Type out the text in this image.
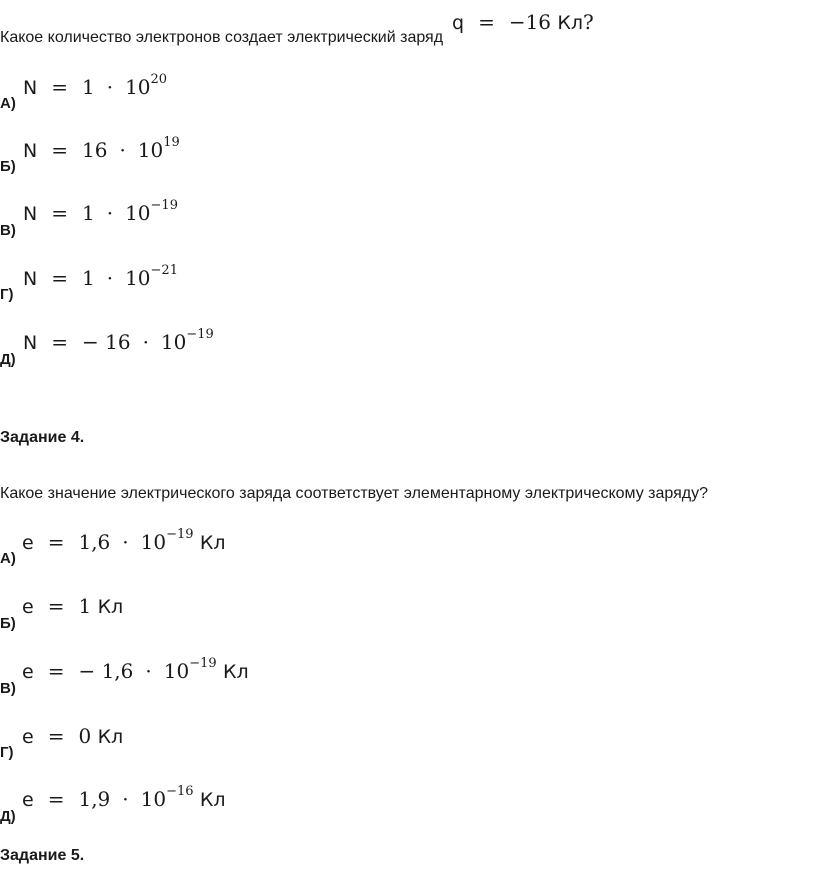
Какое количество электронов создает электрический заряд
q = −16 Кл?
А)
$N = 1 \cdot 10^{20}$
Б)
$N = 16 \cdot 10^{19}$
В)
$N = 1 \cdot 10^{-19}$
Г)
$N = 1 \cdot 10^{-21}$
Д)
N = − $16 \cdot 10^{-19}$
Задание 4.
Какое значение электрического заряда соответствует элементарному электрическому заряду?
А)
$e = 1,6 \cdot 10^{-19}$ Кл
Б)
e = 1 Кл
В)
e = − $1,6 \cdot 10^{-19}$ Кл
Г)
e = 0 Кл
Д)
$e = 1,9 \cdot 10^{-16}$ Кл
Задание 5.
